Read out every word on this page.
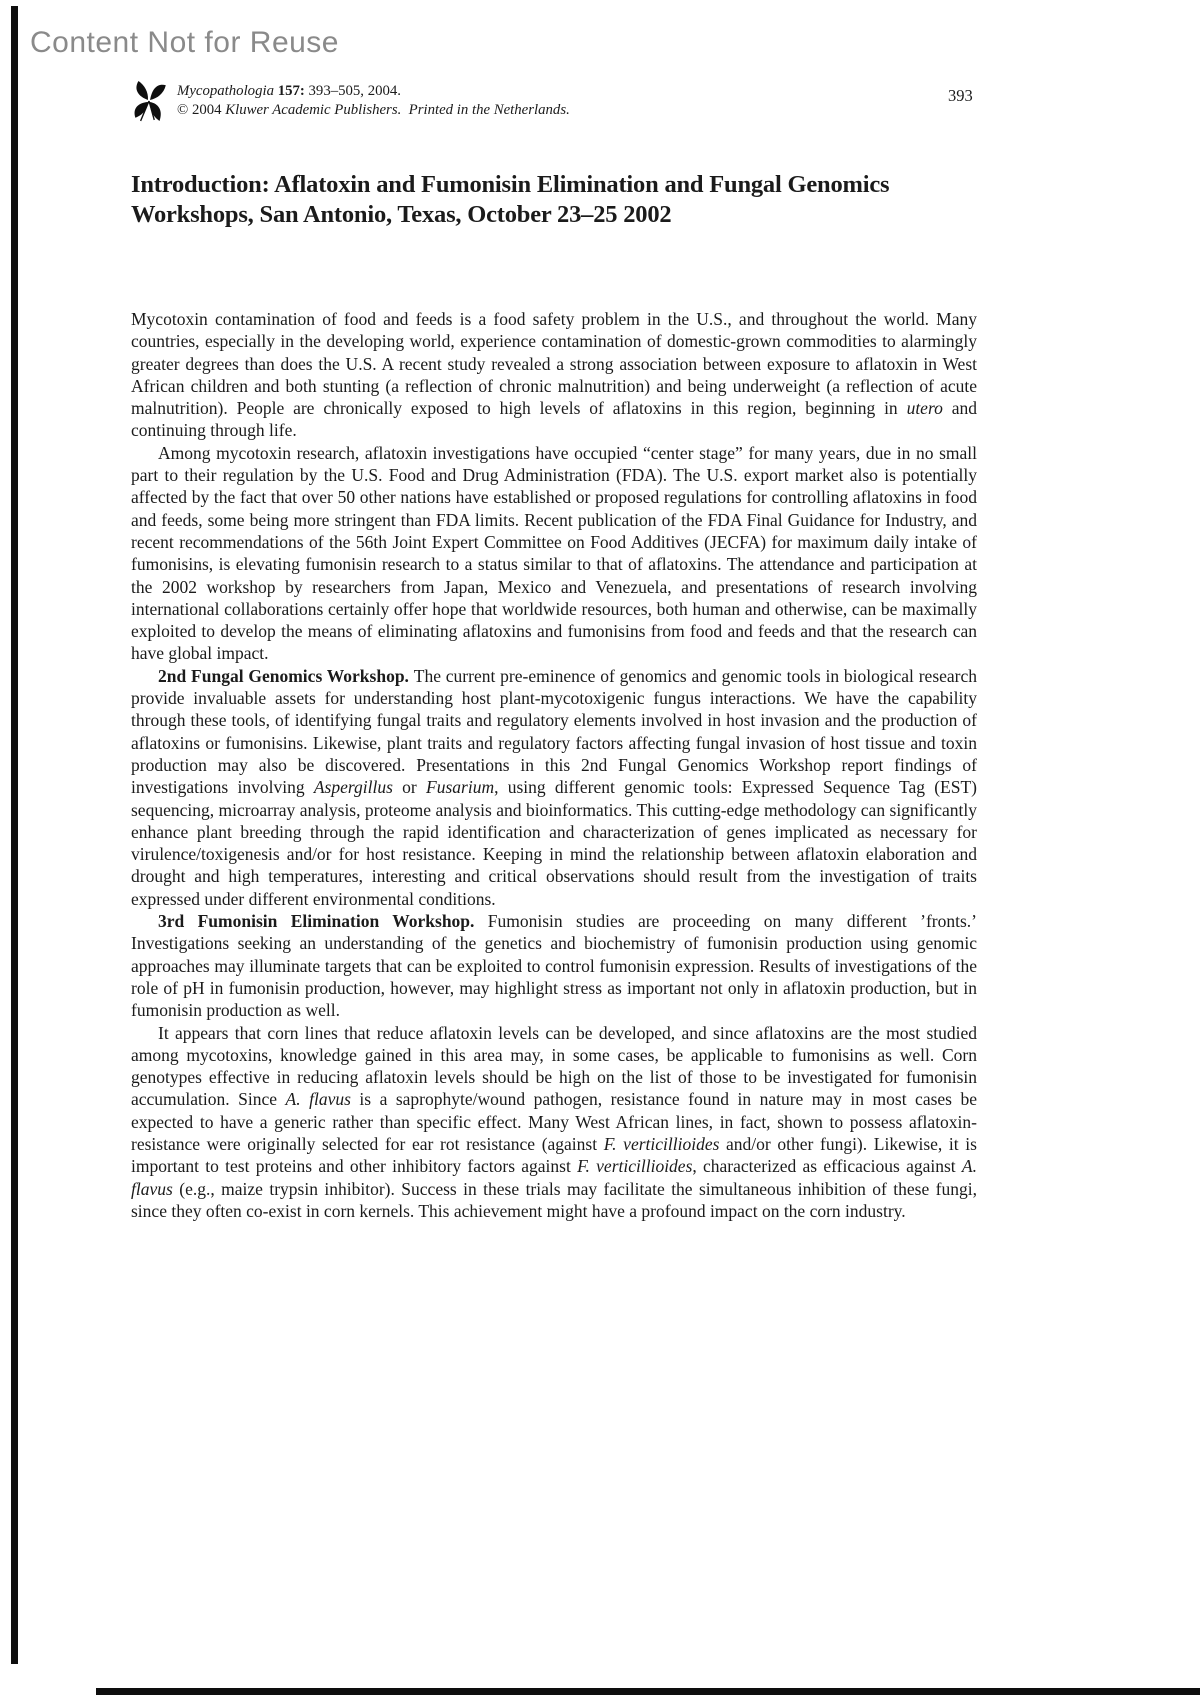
Content Not for Reuse
Mycopathologia 157: 393–505, 2004.
© 2004 Kluwer Academic Publishers.  Printed in the Netherlands.
393
Introduction: Aflatoxin and Fumonisin Elimination and Fungal Genomics Workshops, San Antonio, Texas, October 23–25 2002

Mycotoxin contamination of food and feeds is a food safety problem in the U.S., and throughout the world. Many countries, especially in the developing world, experience contamination of domestic-grown commodities to alarmingly greater degrees than does the U.S. A recent study revealed a strong association between exposure to aflatoxin in West African children and both stunting (a reflection of chronic malnutrition) and being underweight (a reflection of acute malnutrition). People are chronically exposed to high levels of aflatoxins in this region, beginning in utero and continuing through life.

Among mycotoxin research, aflatoxin investigations have occupied “center stage” for many years, due in no small part to their regulation by the U.S. Food and Drug Administration (FDA). The U.S. export market also is potentially affected by the fact that over 50 other nations have established or proposed regulations for controlling aflatoxins in food and feeds, some being more stringent than FDA limits. Recent publication of the FDA Final Guidance for Industry, and recent recommendations of the 56th Joint Expert Committee on Food Additives (JECFA) for maximum daily intake of fumonisins, is elevating fumonisin research to a status similar to that of aflatoxins. The attendance and participation at the 2002 workshop by researchers from Japan, Mexico and Venezuela, and presentations of research involving international collaborations certainly offer hope that worldwide resources, both human and otherwise, can be maximally exploited to develop the means of eliminating aflatoxins and fumonisins from food and feeds and that the research can have global impact.

2nd Fungal Genomics Workshop. The current pre-eminence of genomics and genomic tools in biological research provide invaluable assets for understanding host plant-mycotoxigenic fungus interactions. We have the capability through these tools, of identifying fungal traits and regulatory elements involved in host invasion and the production of aflatoxins or fumonisins. Likewise, plant traits and regulatory factors affecting fungal invasion of host tissue and toxin production may also be discovered. Presentations in this 2nd Fungal Genomics Workshop report findings of investigations involving Aspergillus or Fusarium, using different genomic tools: Expressed Sequence Tag (EST) sequencing, microarray analysis, proteome analysis and bioinformatics. This cutting-edge methodology can significantly enhance plant breeding through the rapid identification and characterization of genes implicated as necessary for virulence/toxigenesis and/or for host resistance. Keeping in mind the relationship between aflatoxin elaboration and drought and high temperatures, interesting and critical observations should result from the investigation of traits expressed under different environmental conditions.

3rd Fumonisin Elimination Workshop. Fumonisin studies are proceeding on many different ’fronts.’ Investigations seeking an understanding of the genetics and biochemistry of fumonisin production using genomic approaches may illuminate targets that can be exploited to control fumonisin expression. Results of investigations of the role of pH in fumonisin production, however, may highlight stress as important not only in aflatoxin production, but in fumonisin production as well.

It appears that corn lines that reduce aflatoxin levels can be developed, and since aflatoxins are the most studied among mycotoxins, knowledge gained in this area may, in some cases, be applicable to fumonisins as well. Corn genotypes effective in reducing aflatoxin levels should be high on the list of those to be investigated for fumonisin accumulation. Since A. flavus is a saprophyte/wound pathogen, resistance found in nature may in most cases be expected to have a generic rather than specific effect. Many West African lines, in fact, shown to possess aflatoxin-resistance were originally selected for ear rot resistance (against F. verticillioides and/or other fungi). Likewise, it is important to test proteins and other inhibitory factors against F. verticillioides, characterized as efficacious against A. flavus (e.g., maize trypsin inhibitor). Success in these trials may facilitate the simultaneous inhibition of these fungi, since they often co-exist in corn kernels. This achievement might have a profound impact on the corn industry.
